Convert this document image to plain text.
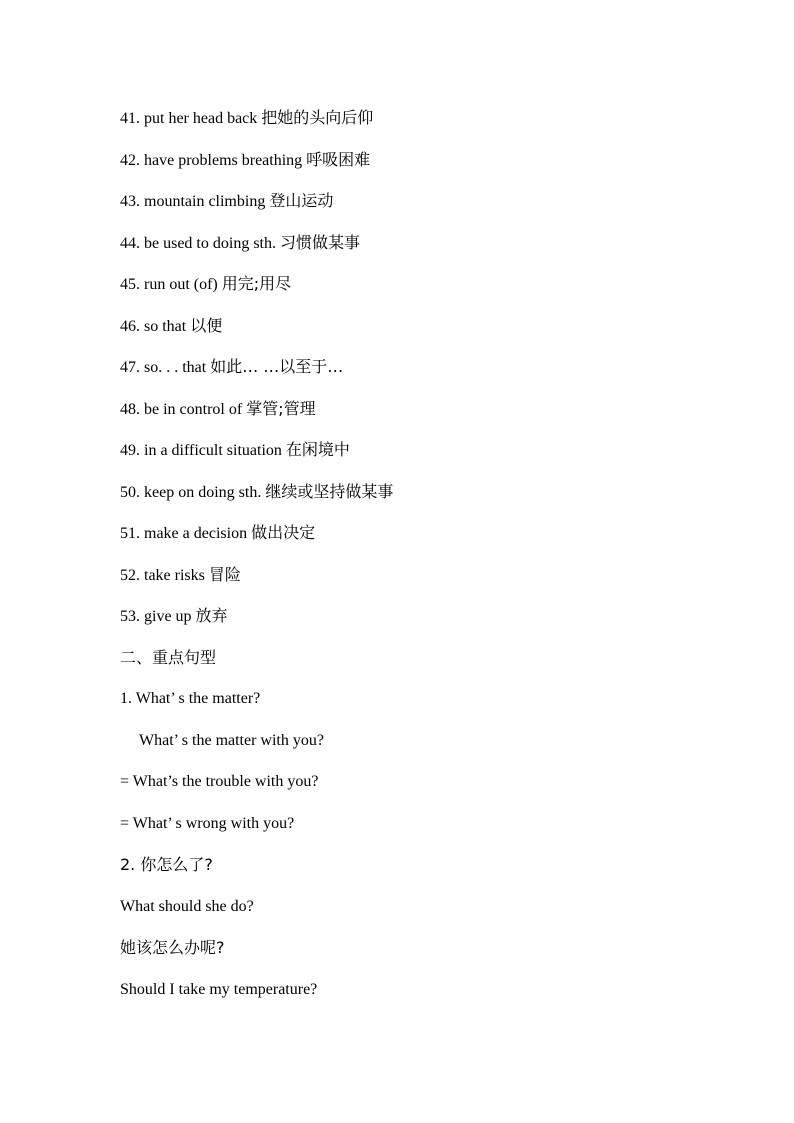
41. put her head back 把她的头向后仰
42. have problems breathing 呼吸困难
43. mountain climbing 登山运动
44. be used to doing sth. 习惯做某事
45. run out (of) 用完;用尽
46. so that 以便
47. so. . . that 如此… …以至于…
48. be in control of 掌管;管理
49. in a difficult situation 在闲境中
50. keep on doing sth. 继续或坚持做某事
51. make a decision 做出决定
52. take risks 冒险
53. give up 放弃
二、重点句型
1. What’ s the matter?
What’ s the matter with you?
= What’s the trouble with you?
= What’ s wrong with you?
2. 你怎么了?
What should she do?
她该怎么办呢?
Should I take my temperature?
